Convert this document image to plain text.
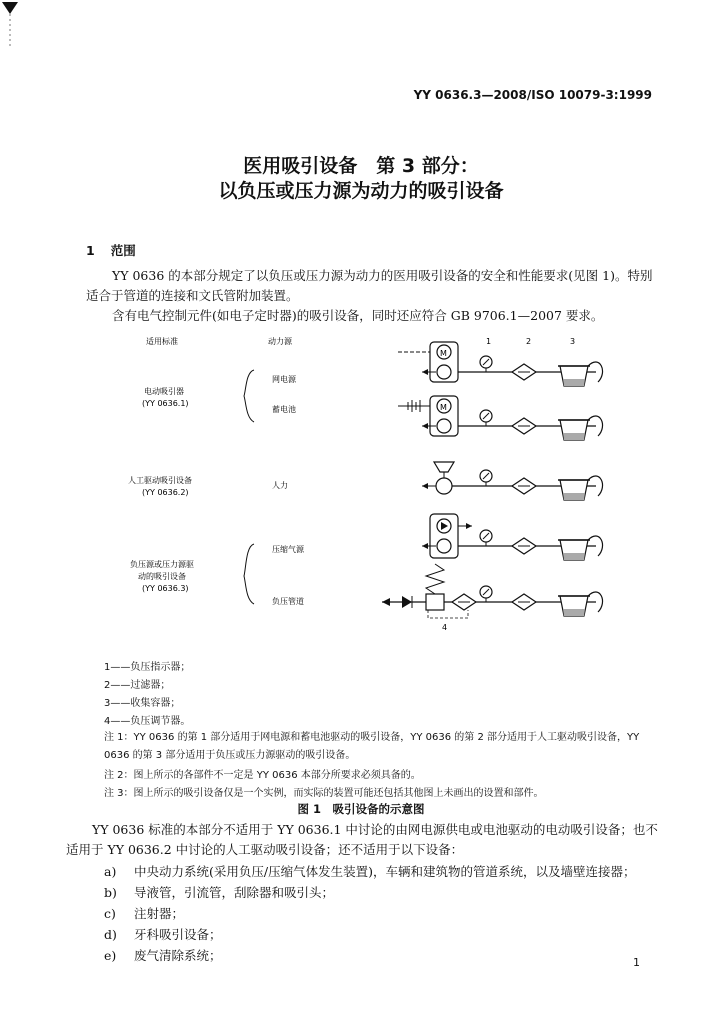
YY 0636.3—2008/ISO 10079-3:1999
医用吸引设备　第 3 部分：
以负压或压力源为动力的吸引设备
1 范围
YY 0636 的本部分规定了以负压或压力源为动力的医用吸引设备的安全和性能要求(见图 1)。特别适合于管道的连接和文氏管附加装置。
含有电气控制元件(如电子定时器)的吸引设备，同时还应符合 GB 9706.1—2007 要求。
适用标准	动力源	1	2	3
4
电动吸引器
(YY 0636.1)
网电源
蓄电池
人工驱动吸引设备
(YY 0636.2)
人力
负压源或压力源驱
动的吸引设备
(YY 0636.3)
压缩气源
负压管道
M
M
1——负压指示器；
2——过滤器；
3——收集容器；
4——负压调节器。
注 1：YY 0636 的第 1 部分适用于网电源和蓄电池驱动的吸引设备，YY 0636 的第 2 部分适用于人工驱动吸引设备，YY 0636 的第 3 部分适用于负压或压力源驱动的吸引设备。
注 2：图上所示的各部件不一定是 YY 0636 本部分所要求必须具备的。
注 3：图上所示的吸引设备仅是一个实例，而实际的装置可能还包括其他图上未画出的设置和部件。
图 1　吸引设备的示意图
YY 0636 标准的本部分不适用于 YY 0636.1 中讨论的由网电源供电或电池驱动的电动吸引设备；也不适用于 YY 0636.2 中讨论的人工驱动吸引设备；还不适用于以下设备：
a) 中央动力系统(采用负压/压缩气体发生装置)，车辆和建筑物的管道系统，以及墙壁连接器；
b) 导液管，引流管，刮除器和吸引头；
c) 注射器；
d) 牙科吸引设备；
e) 废气清除系统；	1
